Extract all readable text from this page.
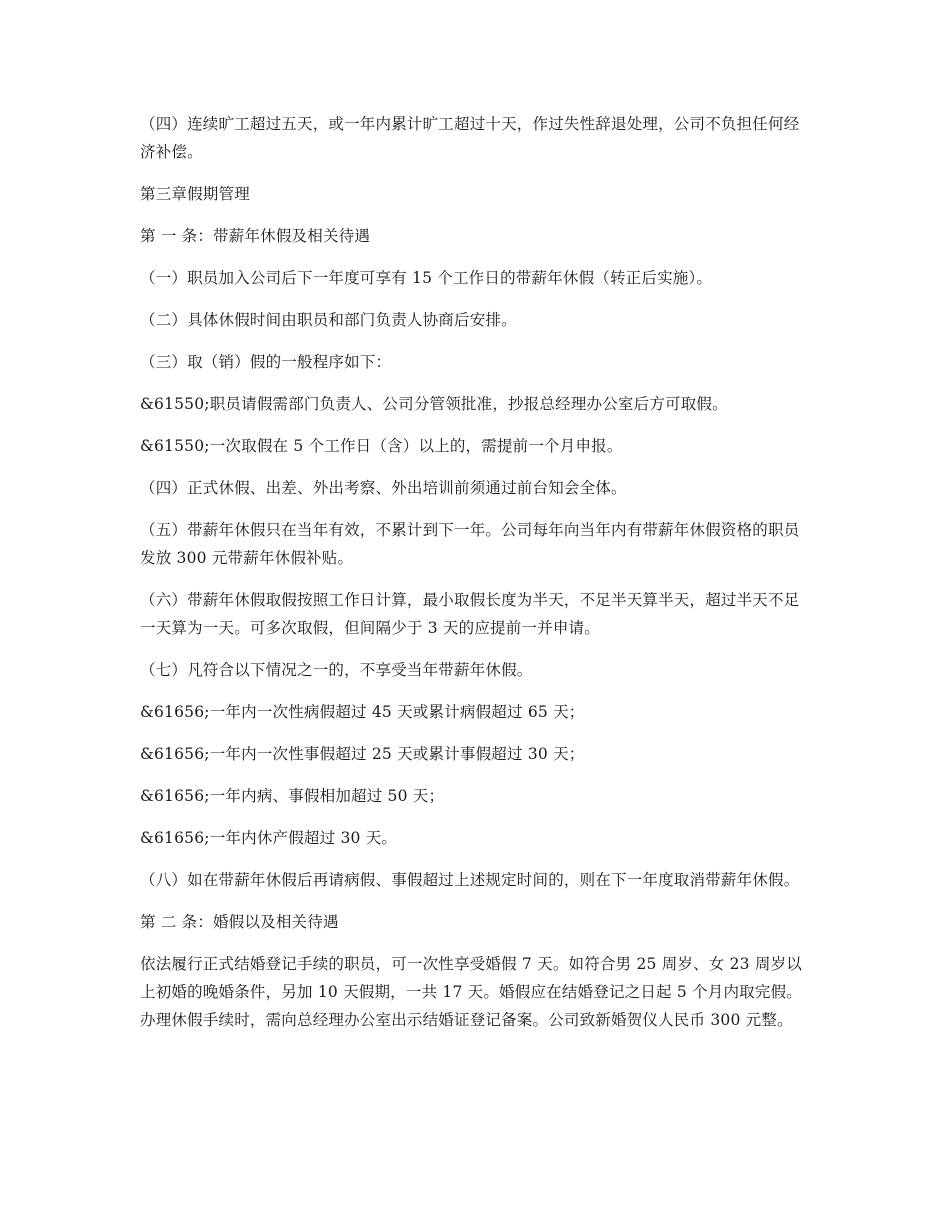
（四）连续旷工超过五天，或一年内累计旷工超过十天，作过失性辞退处理，公司不负担任何经济补偿。

第三章假期管理

第 一 条：带薪年休假及相关待遇

（一）职员加入公司后下一年度可享有 15 个工作日的带薪年休假（转正后实施）。

（二）具体休假时间由职员和部门负责人协商后安排。

（三）取（销）假的一般程序如下：

&61550;职员请假需部门负责人、公司分管领批准，抄报总经理办公室后方可取假。

&61550;一次取假在 5 个工作日（含）以上的，需提前一个月申报。

（四）正式休假、出差、外出考察、外出培训前须通过前台知会全体。

（五）带薪年休假只在当年有效，不累计到下一年。公司每年向当年内有带薪年休假资格的职员发放 300 元带薪年休假补贴。

（六）带薪年休假取假按照工作日计算，最小取假长度为半天，不足半天算半天，超过半天不足一天算为一天。可多次取假，但间隔少于 3 天的应提前一并申请。

（七）凡符合以下情况之一的，不享受当年带薪年休假。

&61656;一年内一次性病假超过 45 天或累计病假超过 65 天；

&61656;一年内一次性事假超过 25 天或累计事假超过 30 天；

&61656;一年内病、事假相加超过 50 天；

&61656;一年内休产假超过 30 天。

（八）如在带薪年休假后再请病假、事假超过上述规定时间的，则在下一年度取消带薪年休假。

第 二 条：婚假以及相关待遇

依法履行正式结婚登记手续的职员，可一次性享受婚假 7 天。如符合男 25 周岁、女 23 周岁以上初婚的晚婚条件，另加 10 天假期，一共 17 天。婚假应在结婚登记之日起 5 个月内取完假。办理休假手续时，需向总经理办公室出示结婚证登记备案。公司致新婚贺仪人民币 300 元整。
